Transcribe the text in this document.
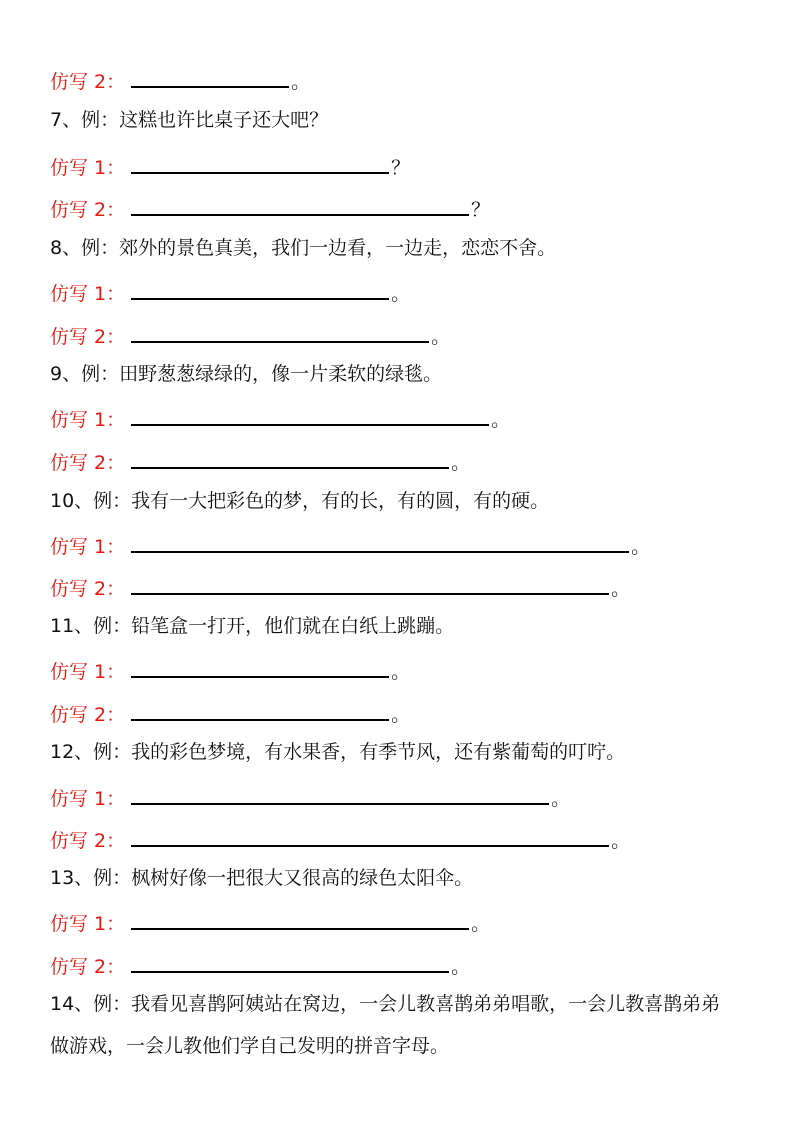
仿写 2：	。
7、例：这糕也许比桌子还大吧？
仿写 1：	？
仿写 2：	？
8、例：郊外的景色真美，我们一边看，一边走，恋恋不舍。
仿写 1：	。
仿写 2：	。
9、例：田野葱葱绿绿的，像一片柔软的绿毯。
仿写 1：	。
仿写 2：	。
10、例：我有一大把彩色的梦，有的长，有的圆，有的硬。
仿写 1：	。
仿写 2：	。
11、例：铅笔盒一打开，他们就在白纸上跳蹦。
仿写 1：	。
仿写 2：	。
12、例：我的彩色梦境，有水果香，有季节风，还有紫葡萄的叮咛。
仿写 1：	。
仿写 2：	。
13、例：枫树好像一把很大又很高的绿色太阳伞。
仿写 1：	。
仿写 2：	。
14、例：我看见喜鹊阿姨站在窝边，一会儿教喜鹊弟弟唱歌，一会儿教喜鹊弟弟
做游戏，一会儿教他们学自己发明的拼音字母。
